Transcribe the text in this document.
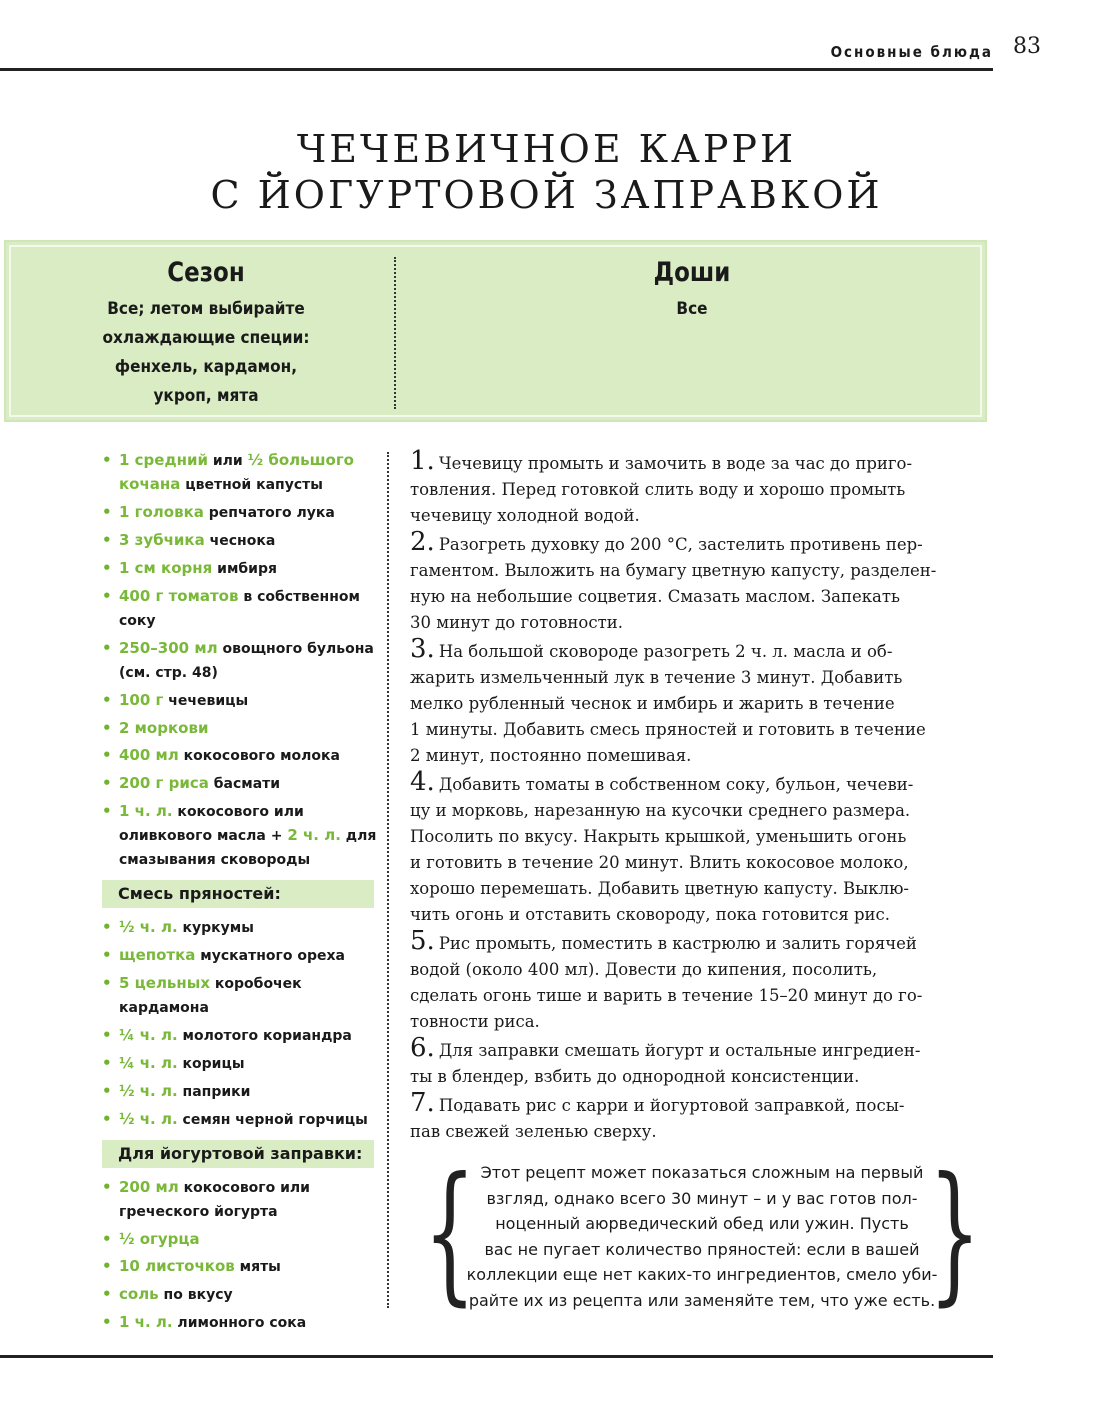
Основные блюда 83
ЧЕЧЕВИЧНОЕ КАРРИ
С ЙОГУРТОВОЙ ЗАПРАВКОЙ
Сезон
Все; летом выбирайте
охлаждающие специи:
фенхель, кардамон,
укроп, мята
Доши
Все
• 1 средний или ½ большого кочана цветной капусты
• 1 головка репчатого лука
• 3 зубчика чеснока
• 1 см корня имбиря
• 400 г томатов в собственном соку
• 250–300 мл овощного бульона (см. стр. 48)
• 100 г чечевицы
• 2 моркови
• 400 мл кокосового молока
• 200 г риса басмати
• 1 ч. л. кокосового или оливкового масла + 2 ч. л. для смазывания сковороды
Смесь пряностей:
• ½ ч. л. куркумы
• щепотка мускатного ореха
• 5 цельных коробочек кардамона
• ¼ ч. л. молотого кориандра
• ¼ ч. л. корицы
• ½ ч. л. паприки
• ½ ч. л. семян черной горчицы
Для йогуртовой заправки:
• 200 мл кокосового или греческого йогурта
• ½ огурца
• 10 листочков мяты
• соль по вкусу
• 1 ч. л. лимонного сока
1. Чечевицу промыть и замочить в воде за час до приго-
товления. Перед готовкой слить воду и хорошо промыть
чечевицу холодной водой.
2. Разогреть духовку до 200 °С, застелить противень пер-
гаментом. Выложить на бумагу цветную капусту, разделен-
ную на небольшие соцветия. Смазать маслом. Запекать
30 минут до готовности.
3. На большой сковороде разогреть 2 ч. л. масла и об-
жарить измельченный лук в течение 3 минут. Добавить
мелко рубленный чеснок и имбирь и жарить в течение
1 минуты. Добавить смесь пряностей и готовить в течение
2 минут, постоянно помешивая.
4. Добавить томаты в собственном соку, бульон, чечеви-
цу и морковь, нарезанную на кусочки среднего размера.
Посолить по вкусу. Накрыть крышкой, уменьшить огонь
и готовить в течение 20 минут. Влить кокосовое молоко,
хорошо перемешать. Добавить цветную капусту. Выклю-
чить огонь и отставить сковороду, пока готовится рис.
5. Рис промыть, поместить в кастрюлю и залить горячей
водой (около 400 мл). Довести до кипения, посолить,
сделать огонь тише и варить в течение 15–20 минут до го-
товности риса.
6. Для заправки смешать йогурт и остальные ингредиен-
ты в блендер, взбить до однородной консистенции.
7. Подавать рис с карри и йогуртовой заправкой, посы-
пав свежей зеленью сверху.
{ Этот рецепт может показаться сложным на первый
взгляд, однако всего 30 минут – и у вас готов пол-
ноценный аюрведический обед или ужин. Пусть
вас не пугает количество пряностей: если в вашей
коллекции еще нет каких-то ингредиентов, смело уби-
райте их из рецепта или заменяйте тем, что уже есть.
}
